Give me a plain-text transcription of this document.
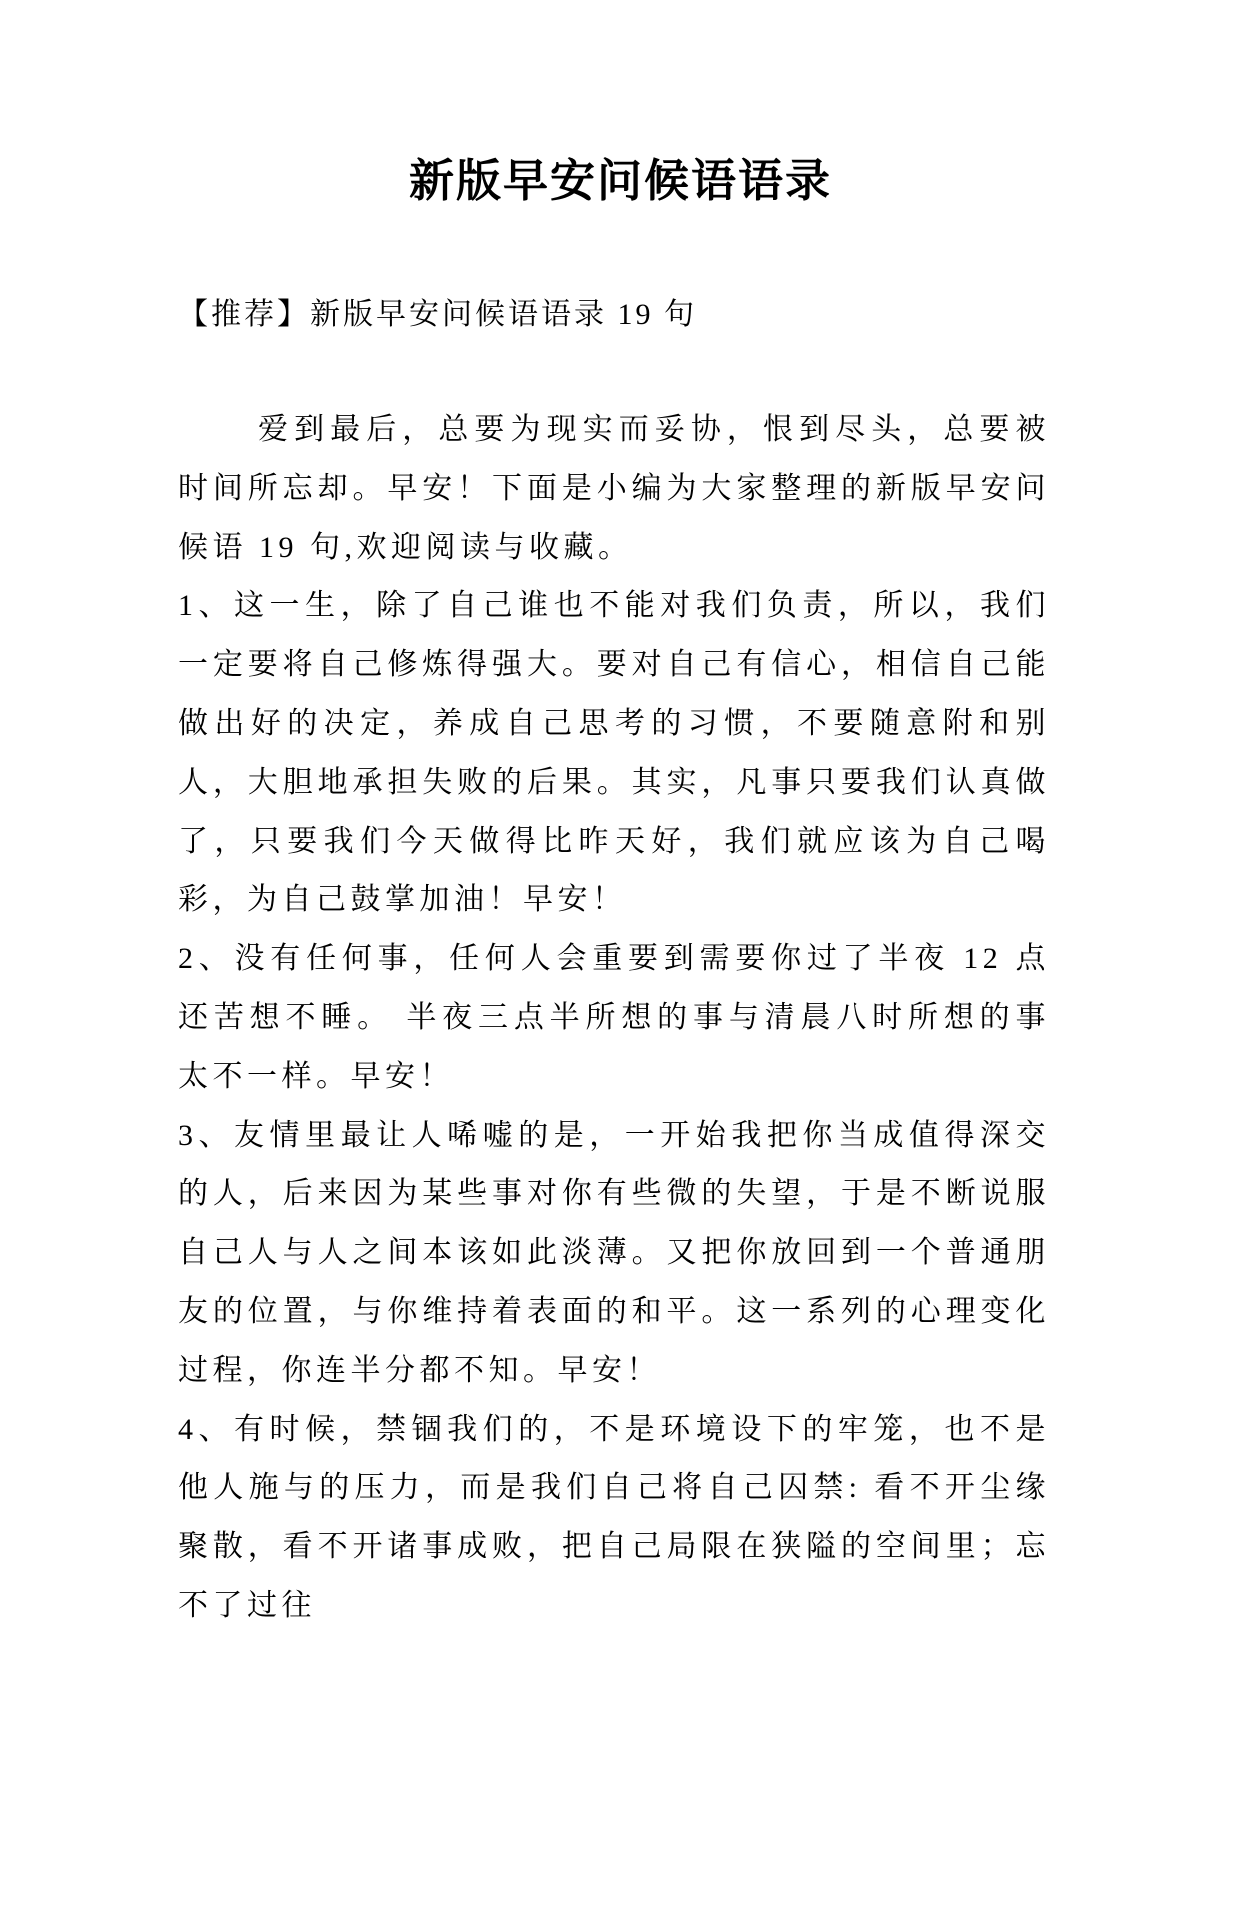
新版早安问候语语录

【推荐】新版早安问候语语录 19 句

爱到最后，总要为现实而妥协，恨到尽头，总要被时间所忘却。早安！下面是小编为大家整理的新版早安问候语 19 句,欢迎阅读与收藏。

1、这一生，除了自己谁也不能对我们负责，所以，我们一定要将自己修炼得强大。要对自己有信心，相信自己能做出好的决定，养成自己思考的习惯，不要随意附和别人，大胆地承担失败的后果。其实，凡事只要我们认真做了，只要我们今天做得比昨天好，我们就应该为自己喝彩，为自己鼓掌加油！早安！

2、没有任何事，任何人会重要到需要你过了半夜 12 点还苦想不睡。 半夜三点半所想的事与清晨八时所想的事太不一样。早安！

3、友情里最让人唏嘘的是，一开始我把你当成值得深交的人，后来因为某些事对你有些微的失望，于是不断说服自己人与人之间本该如此淡薄。又把你放回到一个普通朋友的位置，与你维持着表面的和平。这一系列的心理变化过程，你连半分都不知。早安！

4、有时候，禁锢我们的，不是环境设下的牢笼，也不是他人施与的压力，而是我们自己将自己囚禁: 看不开尘缘聚散，看不开诸事成败，把自己局限在狭隘的空间里；忘不了过往
